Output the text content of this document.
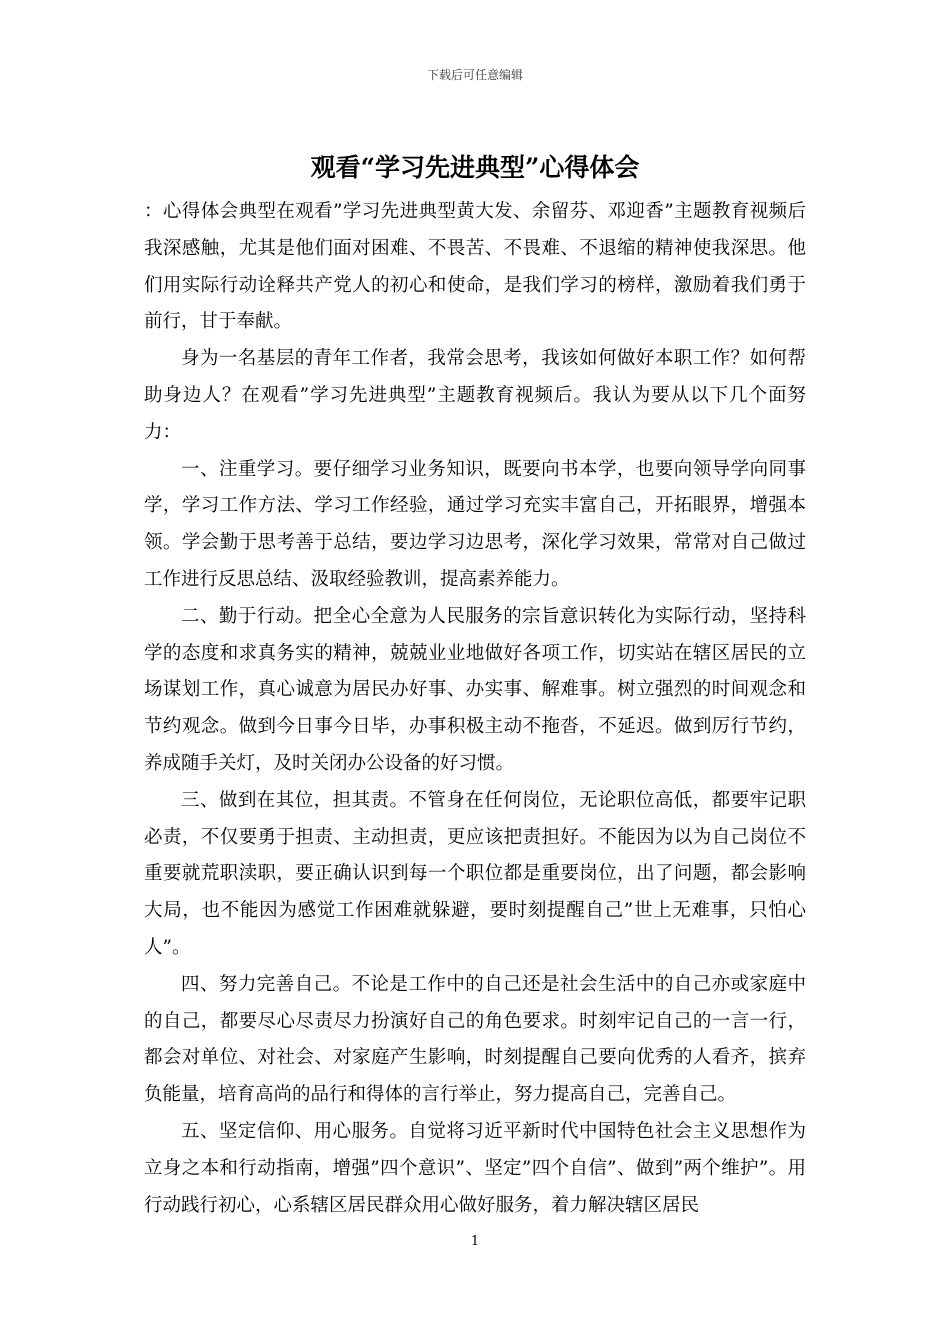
下载后可任意编辑
观看“学习先进典型”心得体会

：心得体会典型在观看”学习先进典型黄大发、余留芬、邓迎香”主题教育视频后我深感触，尤其是他们面对困难、不畏苦、不畏难、不退缩的精神使我深思。他们用实际行动诠释共产党人的初心和使命，是我们学习的榜样，激励着我们勇于前行，甘于奉献。

身为一名基层的青年工作者，我常会思考，我该如何做好本职工作？如何帮助身边人？在观看”学习先进典型”主题教育视频后。我认为要从以下几个面努力：

一、注重学习。要仔细学习业务知识，既要向书本学，也要向领导学向同事学，学习工作方法、学习工作经验，通过学习充实丰富自己，开拓眼界，增强本领。学会勤于思考善于总结，要边学习边思考，深化学习效果，常常对自己做过工作进行反思总结、汲取经验教训，提高素养能力。

二、勤于行动。把全心全意为人民服务的宗旨意识转化为实际行动，坚持科学的态度和求真务实的精神，兢兢业业地做好各项工作，切实站在辖区居民的立场谋划工作，真心诚意为居民办好事、办实事、解难事。树立强烈的时间观念和节约观念。做到今日事今日毕，办事积极主动不拖沓，不延迟。做到厉行节约，养成随手关灯，及时关闭办公设备的好习惯。

三、做到在其位，担其责。不管身在任何岗位，无论职位高低，都要牢记职必责，不仅要勇于担责、主动担责，更应该把责担好。不能因为以为自己岗位不重要就荒职渎职，要正确认识到每一个职位都是重要岗位，出了问题，都会影响大局，也不能因为感觉工作困难就躲避，要时刻提醒自己”世上无难事，只怕心人”。

四、努力完善自己。不论是工作中的自己还是社会生活中的自己亦或家庭中的自己，都要尽心尽责尽力扮演好自己的角色要求。时刻牢记自己的一言一行，都会对单位、对社会、对家庭产生影响，时刻提醒自己要向优秀的人看齐，摈弃负能量，培育高尚的品行和得体的言行举止，努力提高自己，完善自己。

五、坚定信仰、用心服务。自觉将习近平新时代中国特色社会主义思想作为立身之本和行动指南，增强”四个意识”、坚定”四个自信”、做到”两个维护”。用行动践行初心，心系辖区居民群众用心做好服务，着力解决辖区居民

1
